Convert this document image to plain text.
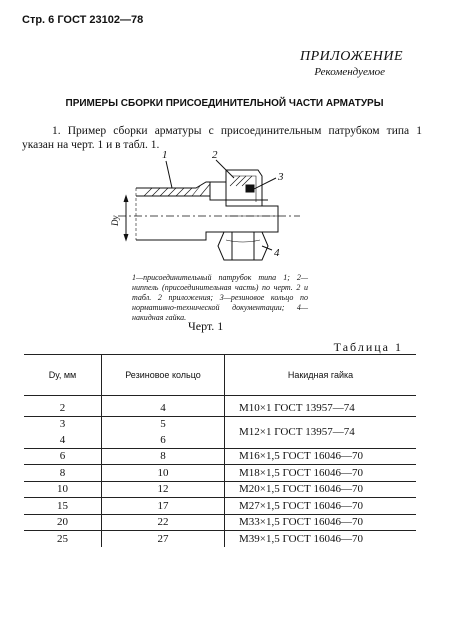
Стр. 6 ГОСТ 23102—78
ПРИЛОЖЕНИЕ
Рекомендуемое
ПРИМЕРЫ СБОРКИ ПРИСОЕДИНИТЕЛЬНОЙ ЧАСТИ АРМАТУРЫ
1. Пример сборки арматуры с присоединительным патрубком типа 1 указан на черт. 1 и в табл. 1.
1	2
3
4
Dу
1—присоединительный патрубок типа 1; 2—ниппель (присоединительная часть) по черт. 2 и табл. 2 приложения; 3—резиновое кольцо по нормативно-технической документации; 4—накидная гайка.
Черт. 1
Таблица 1
Dу, мм	Резиновое кольцо	Накидная гайка
2	4	M10×1 ГОСТ 13957—74
3	5	M12×1 ГОСТ 13957—74
4	6	
6	8	M16×1,5 ГОСТ 16046—70
8	10	M18×1,5 ГОСТ 16046—70
10	12	M20×1,5 ГОСТ 16046—70
15	17	M27×1,5 ГОСТ 16046—70
20	22	M33×1,5 ГОСТ 16046—70
25	27	M39×1,5 ГОСТ 16046—70
